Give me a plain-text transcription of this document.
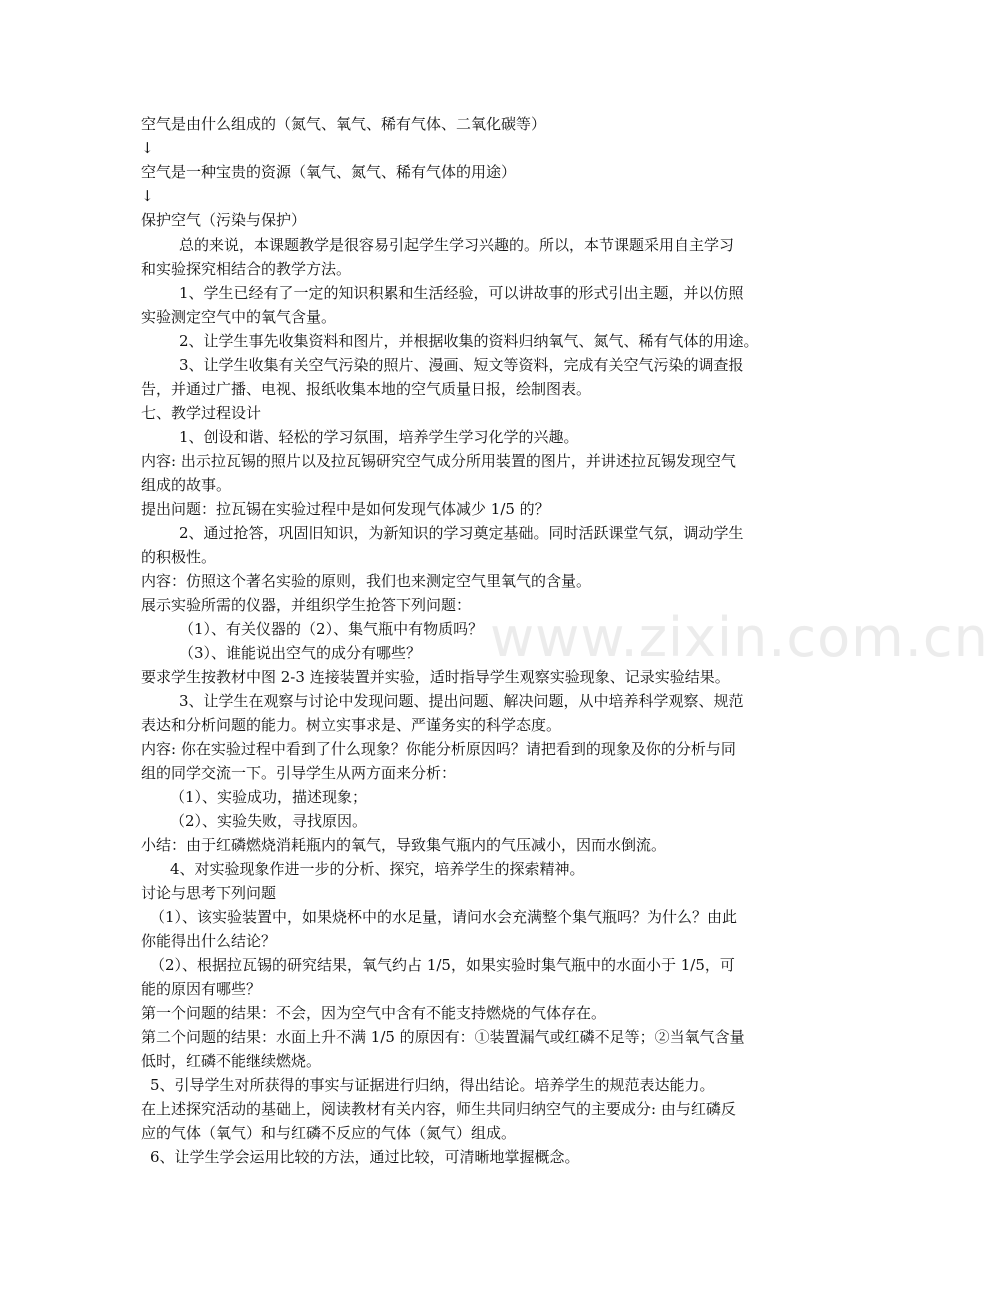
www.zixin.com.cn
空气是由什么组成的（氮气、氧气、稀有气体、二氧化碳等）
↓
空气是一种宝贵的资源（氧气、氮气、稀有气体的用途）
↓
保护空气（污染与保护）
总的来说，本课题教学是很容易引起学生学习兴趣的。所以，本节课题采用自主学习
和实验探究相结合的教学方法。
1、学生已经有了一定的知识积累和生活经验，可以讲故事的形式引出主题，并以仿照
实验测定空气中的氧气含量。
2、让学生事先收集资料和图片，并根据收集的资料归纳氧气、氮气、稀有气体的用途。
3、让学生收集有关空气污染的照片、漫画、短文等资料，完成有关空气污染的调查报
告，并通过广播、电视、报纸收集本地的空气质量日报，绘制图表。
七、教学过程设计
1、创设和谐、轻松的学习氛围，培养学生学习化学的兴趣。
内容: 出示拉瓦锡的照片以及拉瓦锡研究空气成分所用装置的图片，并讲述拉瓦锡发现空气
组成的故事。
提出问题：拉瓦锡在实验过程中是如何发现气体减少 1/5 的？
2、通过抢答，巩固旧知识，为新知识的学习奠定基础。同时活跃课堂气氛，调动学生
的积极性。
内容：仿照这个著名实验的原则，我们也来测定空气里氧气的含量。
展示实验所需的仪器，并组织学生抢答下列问题：
（1）、有关仪器的（2）、集气瓶中有物质吗？
（3）、谁能说出空气的成分有哪些？
要求学生按教材中图 2-3 连接装置并实验，适时指导学生观察实验现象、记录实验结果。
3、让学生在观察与讨论中发现问题、提出问题、解决问题，从中培养科学观察、规范
表达和分析问题的能力。树立实事求是、严谨务实的科学态度。
内容: 你在实验过程中看到了什么现象？你能分析原因吗？请把看到的现象及你的分析与同
组的同学交流一下。引导学生从两方面来分析：
（1）、实验成功，描述现象；
（2）、实验失败，寻找原因。
小结：由于红磷燃烧消耗瓶内的氧气，导致集气瓶内的气压减小，因而水倒流。
4、对实验现象作进一步的分析、探究，培养学生的探索精神。
讨论与思考下列问题
（1）、该实验装置中，如果烧杯中的水足量，请问水会充满整个集气瓶吗？为什么？由此
你能得出什么结论？
（2）、根据拉瓦锡的研究结果，氧气约占 1/5，如果实验时集气瓶中的水面小于 1/5，可
能的原因有哪些？
第一个问题的结果：不会，因为空气中含有不能支持燃烧的气体存在。
第二个问题的结果：水面上升不满 1/5 的原因有：①装置漏气或红磷不足等；②当氧气含量
低时，红磷不能继续燃烧。
5、引导学生对所获得的事实与证据进行归纳，得出结论。培养学生的规范表达能力。
在上述探究活动的基础上，阅读教材有关内容，师生共同归纳空气的主要成分: 由与红磷反
应的气体（氧气）和与红磷不反应的气体（氮气）组成。
6、让学生学会运用比较的方法，通过比较，可清晰地掌握概念。
